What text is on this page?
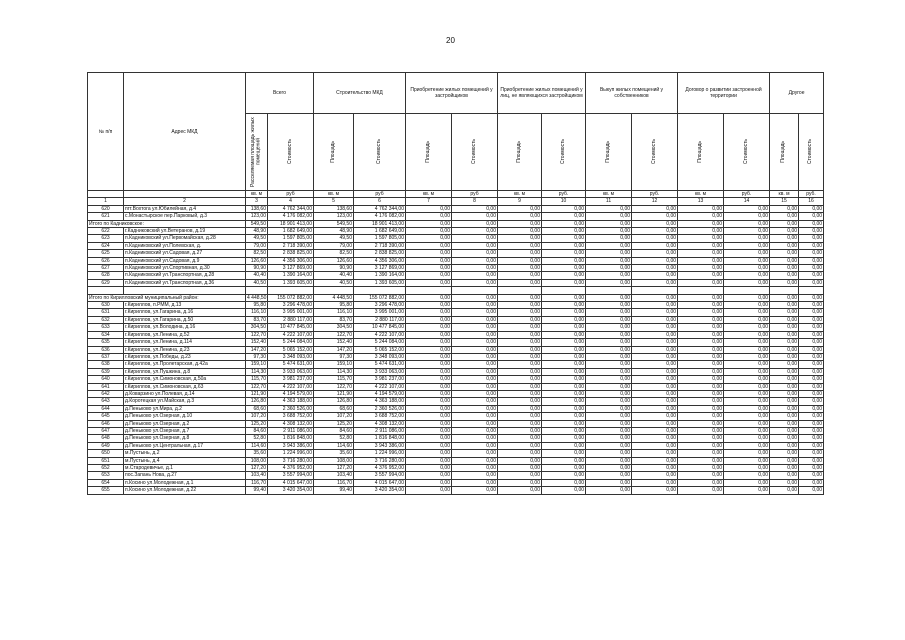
20
№ п/п	Адрес МКД	Всего		Строительство МКД		Приобретение жилых помещений у застройщиков		Приобретение жилых помещений у лиц, не являющихся застройщиком		Выкуп жилых помещений у собственников		Договор о развитии застроенной территории		Другое	

		Расселяемая площадь жилых помещений	Стоимость	Площадь	Стоимость	Площадь	Стоимость	Площадь	Стоимость	Площадь	Стоимость	Площадь	Стоимость	Площадь	Стоимость

		кв. м	руб	кв. м	руб	кв. м	руб	кв. м	руб.	кв. м	руб.	кв. м	руб.	кв. м	руб.
1	2	3	4	5	6	7	8	9	10	11	12	13	14	15	16
620	пгт.Вохтога ул.Юбилейная, д.4	138,60	4 762 344,00	138,60	4 762 344,00	0,00	0,00	0,00	0,00	0,00	0,00	0,00	0,00	0,00	0,00
621	с.Монастырское пер.Парковый, д.3	123,00	4 176 082,00	123,00	4 176 082,00	0,00	0,00	0,00	0,00	0,00	0,00	0,00	0,00	0,00	0,00
Итого по Кадниковское:		549,50	18 901 413,00	549,50	18 901 413,00	0,00	0,00	0,00	0,00	0,00	0,00	0,00	0,00	0,00	0,00
622	г.Кадниковский ул.Ветеранов, д.19	48,90	1 682 649,00	48,90	1 682 649,00	0,00	0,00	0,00	0,00	0,00	0,00	0,00	0,00	0,00	0,00
623	п.Кадниковский ул.Первомайская, д.28	49,50	1 597 805,00	49,50	1 597 805,00	0,00	0,00	0,00	0,00	0,00	0,00	0,00	0,00	0,00	0,00
624	п.Кадниковский ул.Полевская, д.	79,00	2 718 390,00	79,00	2 718 390,00	0,00	0,00	0,00	0,00	0,00	0,00	0,00	0,00	0,00	0,00
625	п.Кадниковский ул.Садовая, д.27	82,50	2 838 825,00	82,50	2 838 825,00	0,00	0,00	0,00	0,00	0,00	0,00	0,00	0,00	0,00	0,00
626	п.Кадниковский ул.Садовая, д.9	126,60	4 356 306,00	126,60	4 356 306,00	0,00	0,00	0,00	0,00	0,00	0,00	0,00	0,00	0,00	0,00
627	п.Кадниковский ул.Спортивная, д.30	90,90	3 127 869,00	90,90	3 127 869,00	0,00	0,00	0,00	0,00	0,00	0,00	0,00	0,00	0,00	0,00
628	п.Кадниковский ул.Транспортная, д.28	40,40	1 390 164,00	40,40	1 390 164,00	0,00	0,00	0,00	0,00	0,00	0,00	0,00	0,00	0,00	0,00
629	п.Кадниковский ул.Транспортная, д.36	40,50	1 393 605,00	40,50	1 393 605,00	0,00	0,00	0,00	0,00	0,00	0,00	0,00	0,00	0,00	0,00

Итого по Кирилловский муниципальный район:		4 448,50	155 072 882,00	4 448,50	155 072 882,00	0,00	0,00	0,00	0,00	0,00	0,00	0,00	0,00	0,00	0,00
630	г.Кириллов, п.РММ, д.13	95,80	3 296 478,00	95,80	3 296 478,00	0,00	0,00	0,00	0,00	0,00	0,00	0,00	0,00	0,00	0,00
631	г.Кириллов, ул.Гагарина, д.16	116,10	3 995 001,00	116,10	3 995 001,00	0,00	0,00	0,00	0,00	0,00	0,00	0,00	0,00	0,00	0,00
632	г.Кириллов, ул.Гагарина, д.50	83,70	2 880 117,00	83,70	2 880 117,00	0,00	0,00	0,00	0,00	0,00	0,00	0,00	0,00	0,00	0,00
633	г.Кириллов, ул.Володина, д.16	304,50	10 477 845,00	304,50	10 477 845,00	0,00	0,00	0,00	0,00	0,00	0,00	0,00	0,00	0,00	0,00
634	г.Кириллов, ул.Ленина, д.52	122,70	4 222 107,00	122,70	4 222 107,00	0,00	0,00	0,00	0,00	0,00	0,00	0,00	0,00	0,00	0,00
635	г.Кириллов, ул.Ленина, д.114	152,40	5 244 084,00	152,40	5 244 084,00	0,00	0,00	0,00	0,00	0,00	0,00	0,00	0,00	0,00	0,00
636	г.Кириллов, ул.Ленина, д.23	147,20	5 065 152,00	147,20	5 065 152,00	0,00	0,00	0,00	0,00	0,00	0,00	0,00	0,00	0,00	0,00
637	г.Кириллов, ул.Победы, д.23	97,30	3 348 093,00	97,30	3 348 093,00	0,00	0,00	0,00	0,00	0,00	0,00	0,00	0,00	0,00	0,00
638	г.Кириллов, ул.Пролетарская, д.42а	159,10	5 474 631,00	159,10	5 474 631,00	0,00	0,00	0,00	0,00	0,00	0,00	0,00	0,00	0,00	0,00
639	г.Кириллов, ул.Пушкина, д.8	114,30	3 933 063,00	114,30	3 933 063,00	0,00	0,00	0,00	0,00	0,00	0,00	0,00	0,00	0,00	0,00
640	г.Кириллов, ул.Симоновская, д.50а	115,70	3 981 237,00	115,70	3 981 237,00	0,00	0,00	0,00	0,00	0,00	0,00	0,00	0,00	0,00	0,00
641	г.Кириллов, ул.Симоновская, д.63	122,70	4 222 107,00	122,70	4 222 107,00	0,00	0,00	0,00	0,00	0,00	0,00	0,00	0,00	0,00	0,00
642	д.Коварзино ул.Полевая, д.14	121,90	4 194 579,00	121,90	4 194 579,00	0,00	0,00	0,00	0,00	0,00	0,00	0,00	0,00	0,00	0,00
643	д.Коротецкая ул.Майская, д.3	126,80	4 363 188,00	126,80	4 363 188,00	0,00	0,00	0,00	0,00	0,00	0,00	0,00	0,00	0,00	0,00
644	д.Пеньково ул.Мира, д.2	68,60	2 360 526,00	68,60	2 360 526,00	0,00	0,00	0,00	0,00	0,00	0,00	0,00	0,00	0,00	0,00
645	д.Пеньково ул.Озерная, д.10	107,20	3 688 752,00	107,20	3 688 752,00	0,00	0,00	0,00	0,00	0,00	0,00	0,00	0,00	0,00	0,00
646	д.Пеньково ул.Озерная, д.2	125,20	4 308 132,00	125,20	4 308 132,00	0,00	0,00	0,00	0,00	0,00	0,00	0,00	0,00	0,00	0,00
647	д.Пеньково ул.Озерная, д.7	84,60	2 911 086,00	84,60	2 911 086,00	0,00	0,00	0,00	0,00	0,00	0,00	0,00	0,00	0,00	0,00
648	д.Пеньково ул.Озерная, д.8	52,80	1 816 848,00	52,80	1 816 848,00	0,00	0,00	0,00	0,00	0,00	0,00	0,00	0,00	0,00	0,00
649	д.Пеньково ул.Центральная, д.17	114,60	3 943 386,00	114,60	3 943 386,00	0,00	0,00	0,00	0,00	0,00	0,00	0,00	0,00	0,00	0,00
650	м.Пустынь, д.2	35,60	1 224 996,00	35,60	1 224 996,00	0,00	0,00	0,00	0,00	0,00	0,00	0,00	0,00	0,00	0,00
651	м.Пустынь, д.4	108,00	3 716 280,00	108,00	3 716 280,00	0,00	0,00	0,00	0,00	0,00	0,00	0,00	0,00	0,00	0,00
652	м.Стародевичье, д.1	127,20	4 376 952,00	127,20	4 376 952,00	0,00	0,00	0,00	0,00	0,00	0,00	0,00	0,00	0,00	0,00
653	пос.Запань Нова, д.27	103,40	3 557 994,00	103,40	3 557 994,00	0,00	0,00	0,00	0,00	0,00	0,00	0,00	0,00	0,00	0,00
654	п.Косино ул.Молодежная, д.1	116,70	4 015 647,00	116,70	4 015 647,00	0,00	0,00	0,00	0,00	0,00	0,00	0,00	0,00	0,00	0,00
655	п.Косино ул.Молодежная, д.22	99,40	3 420 354,00	99,40	3 420 354,00	0,00	0,00	0,00	0,00	0,00	0,00	0,00	0,00	0,00	0,00
